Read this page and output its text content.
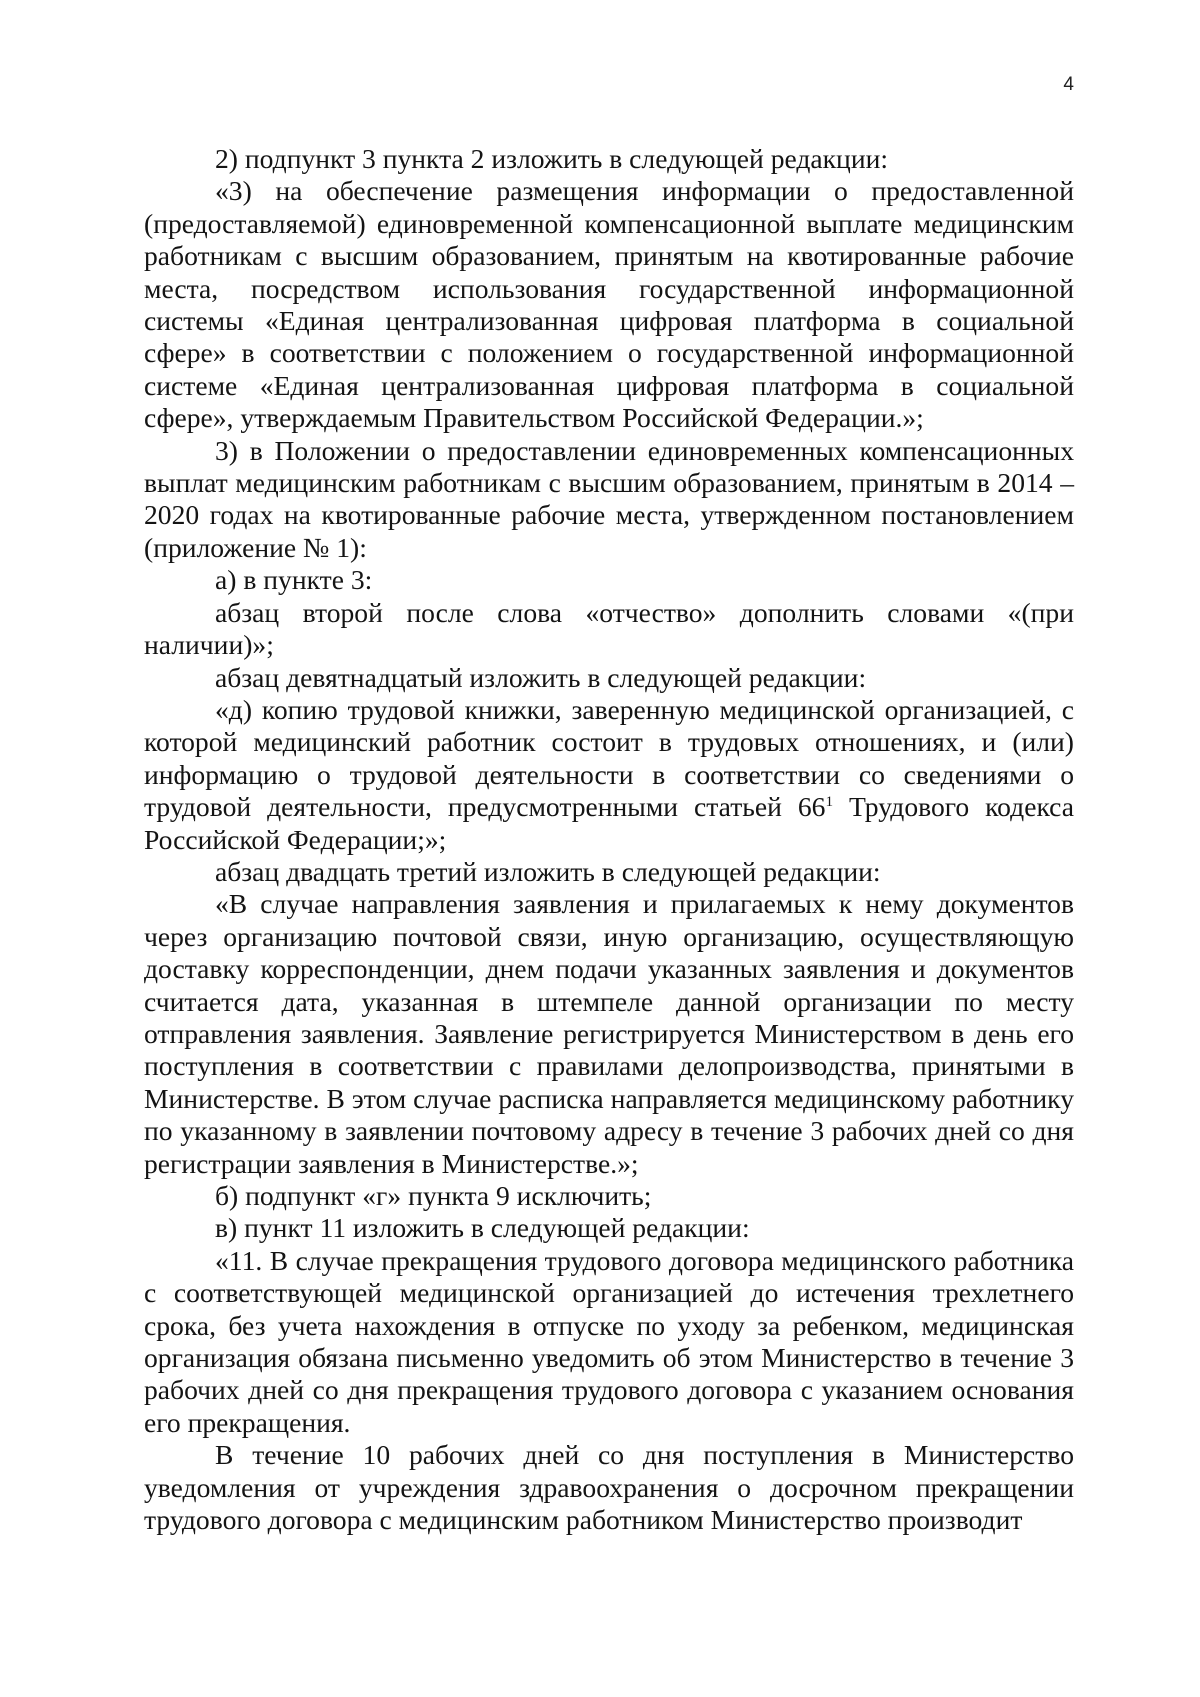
4

2) подпункт 3 пункта 2 изложить в следующей редакции:

«3) на обеспечение размещения информации о предоставленной (предоставляемой) единовременной компенсационной выплате медицинским работникам с высшим образованием, принятым на квотированные рабочие места, посредством использования государственной информационной системы «Единая централизованная цифровая платформа в социальной сфере» в соответствии с положением о государственной информационной системе «Единая централизованная цифровая платформа в социальной сфере», утверждаемым Правительством Российской Федерации.»;

3) в Положении о предоставлении единовременных компенсационных выплат медицинским работникам с высшим образованием, принятым в 2014 – 2020 годах на квотированные рабочие места, утвержденном постановлением (приложение № 1):

а) в пункте 3:

абзац второй после слова «отчество» дополнить словами «(при наличии)»;

абзац девятнадцатый изложить в следующей редакции:

«д) копию трудовой книжки, заверенную медицинской организацией, с которой медицинский работник состоит в трудовых отношениях, и (или) информацию о трудовой деятельности в соответствии со сведениями о трудовой деятельности, предусмотренными статьей $66^1$ Трудового кодекса Российской Федерации;»;

абзац двадцать третий изложить в следующей редакции:

«В случае направления заявления и прилагаемых к нему документов через организацию почтовой связи, иную организацию, осуществляющую доставку корреспонденции, днем подачи указанных заявления и документов считается дата, указанная в штемпеле данной организации по месту отправления заявления. Заявление регистрируется Министерством в день его поступления в соответствии с правилами делопроизводства, принятыми в Министерстве. В этом случае расписка направляется медицинскому работнику по указанному в заявлении почтовому адресу в течение 3 рабочих дней со дня регистрации заявления в Министерстве.»;

б) подпункт «г» пункта 9 исключить;

в) пункт 11 изложить в следующей редакции:

«11. В случае прекращения трудового договора медицинского работника с соответствующей медицинской организацией до истечения трехлетнего срока, без учета нахождения в отпуске по уходу за ребенком, медицинская организация обязана письменно уведомить об этом Министерство в течение 3 рабочих дней со дня прекращения трудового договора с указанием основания его прекращения.

В течение 10 рабочих дней со дня поступления в Министерство уведомления от учреждения здравоохранения о досрочном прекращении трудового договора с медицинским работником Министерство производит
